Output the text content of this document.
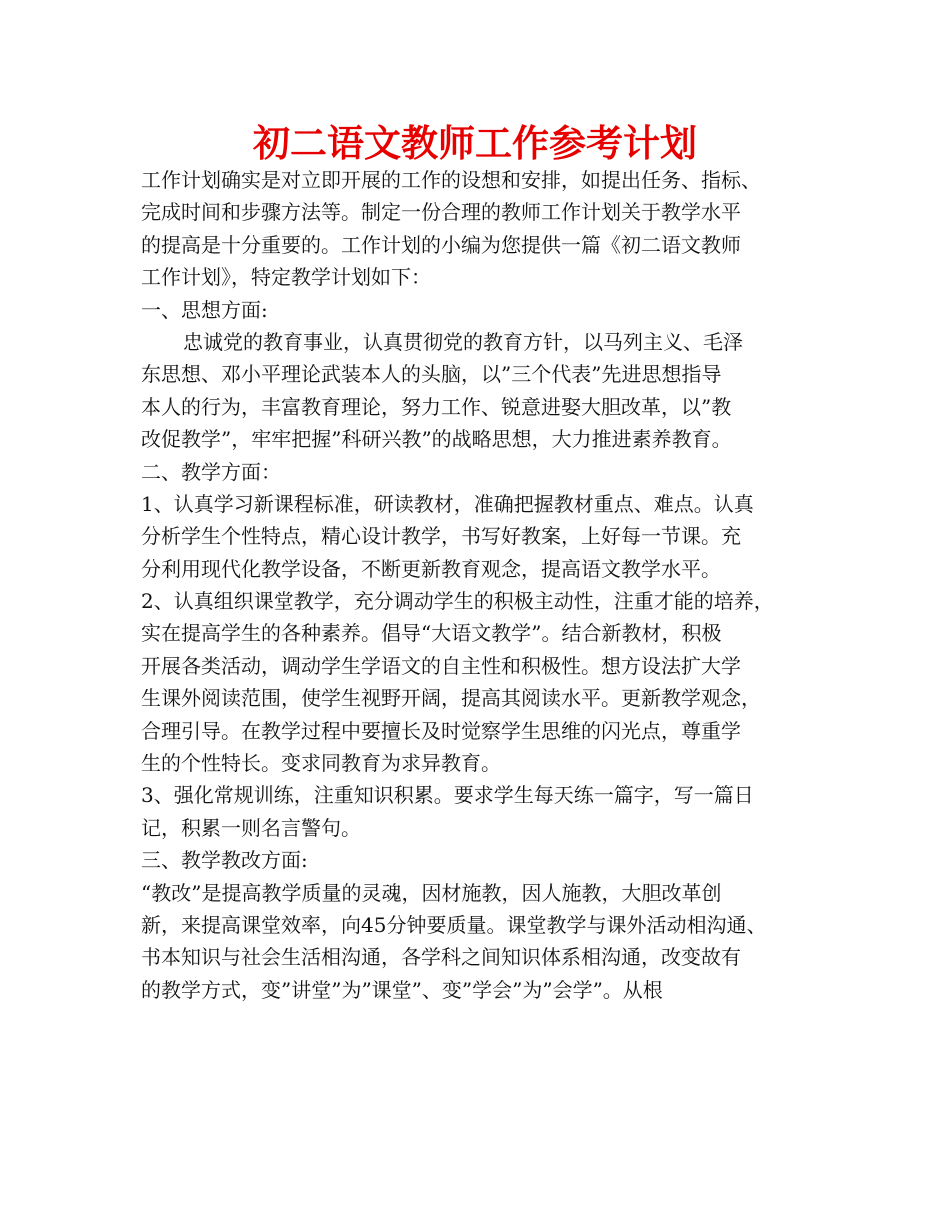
初二语文教师工作参考计划
工作计划确实是对立即开展的工作的设想和安排，如提出任务、指标、
完成时间和步骤方法等。制定一份合理的教师工作计划关于教学水平
的提高是十分重要的。工作计划的小编为您提供一篇《初二语文教师
工作计划》，特定教学计划如下：
一、思想方面:
忠诚党的教育事业，认真贯彻党的教育方针，以马列主义、毛泽
东思想、邓小平理论武装本人的头脑，以”三个代表”先进思想指导
本人的行为，丰富教育理论，努力工作、锐意进娶大胆改革，以”教
改促教学”，牢牢把握”科研兴教”的战略思想，大力推进素养教育。
二、教学方面：
1、认真学习新课程标准，研读教材，准确把握教材重点、难点。认真
分析学生个性特点，精心设计教学，书写好教案，上好每一节课。充
分利用现代化教学设备，不断更新教育观念，提高语文教学水平。
2、认真组织课堂教学，充分调动学生的积极主动性，注重才能的培养，
实在提高学生的各种素养。倡导“大语文教学”。结合新教材，积极
开展各类活动，调动学生学语文的自主性和积极性。想方设法扩大学
生课外阅读范围，使学生视野开阔，提高其阅读水平。更新教学观念，
合理引导。在教学过程中要擅长及时觉察学生思维的闪光点，尊重学
生的个性特长。变求同教育为求异教育。
3、强化常规训练，注重知识积累。要求学生每天练一篇字，写一篇日
记，积累一则名言警句。
三、教学教改方面:
“教改”是提高教学质量的灵魂，因材施教，因人施教，大胆改革创
新，来提高课堂效率，向45分钟要质量。课堂教学与课外活动相沟通、
书本知识与社会生活相沟通，各学科之间知识体系相沟通，改变故有
的教学方式，变”讲堂”为”课堂”、变”学会”为”会学”。从根
